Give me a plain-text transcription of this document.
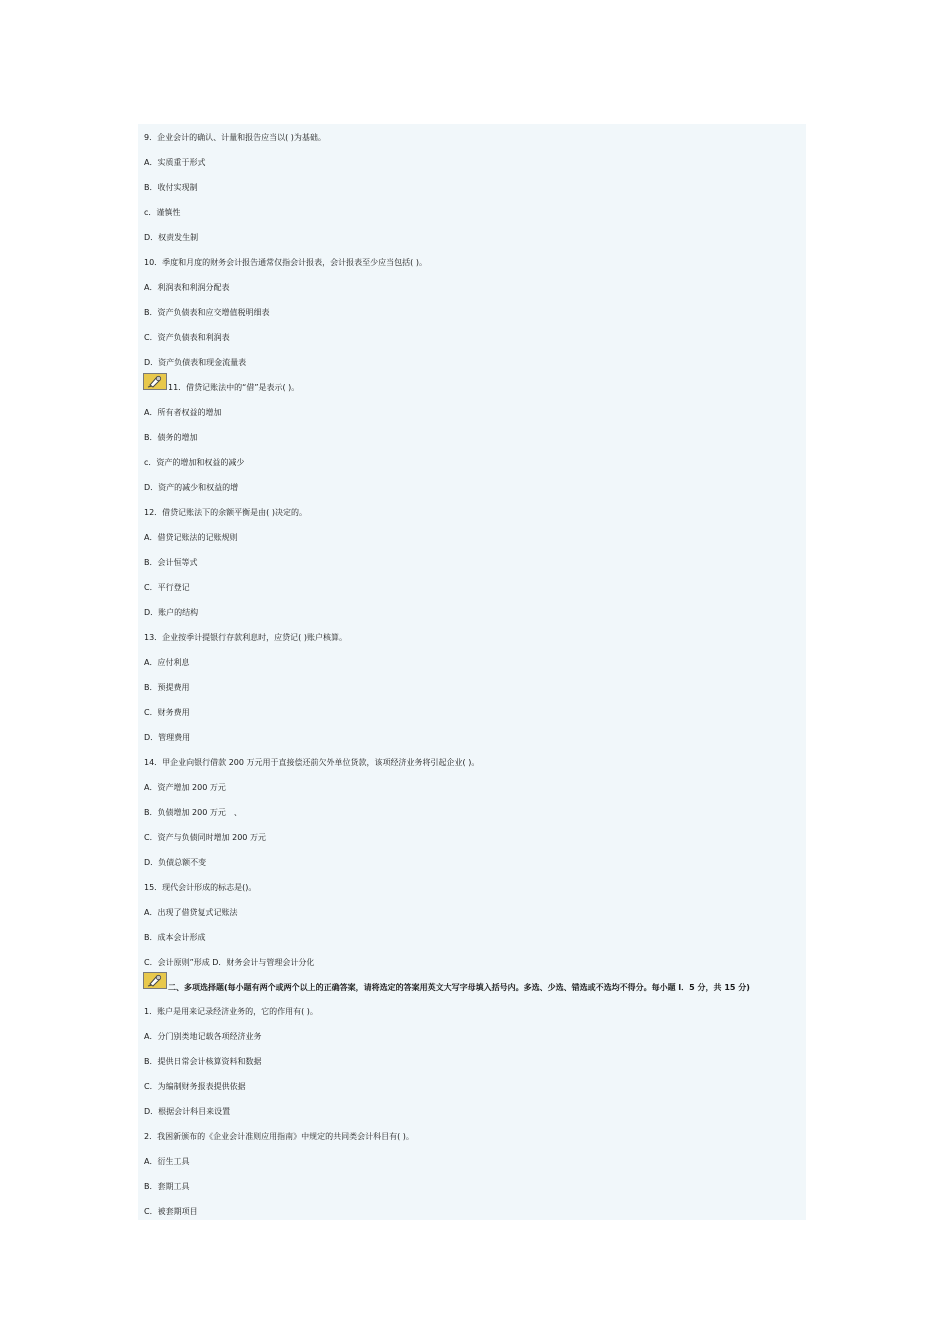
9．企业会计的确认、计量和报告应当以( )为基础。
A．实质重于形式
B．收付实现制
c．谨慎性
D．权责发生制
10．季度和月度的财务会计报告通常仅指会计报表，会计报表至少应当包括( )。
A．利润表和利润分配表
B．资产负债表和应交增值税明细表
C．资产负债表和利润表
D．资产负债表和现金流量表
11．借贷记账法中的“借”是表示( )。
A．所有者权益的增加
B．债务的增加
c．资产的增加和权益的减少
D．资产的减少和权益的增
12．借贷记账法下的余额平衡是由( )决定的。
A．借贷记账法的记账规则
B．会计恒等式
C．平行登记
D．账户的结构
13．企业按季计提银行存款利息时，应贷记( )账户核算。
A．应付利息
B．预提费用
C．财务费用
D．管理费用
14．甲企业向银行借款 200 万元用于直接偿还前欠外单位货款，该项经济业务将引起企业( )。
A．资产增加 200 万元
B．负债增加 200 万元　、
C．资产与负债同时增加 200 万元
D．负债总额不变
15．现代会计形成的标志是()。
A．出现了借贷复式记账法
B．成本会计形成
C．会计原则”形成 D．财务会计与管理会计分化
二、多项选择题(每小题有两个或两个以上的正确答案，请将选定的答案用英文大写字母填入括号内。多选、少选、错选或不选均不得分。每小题 l．5 分，共 15 分)
1．账户是用来记录经济业务的，它的作用有( )。
A．分门别类地记载各项经济业务
B．提供日常会计核算资料和数据
C．为编制财务报表提供依据
D．根据会计科目来设置
2．我困新颁布的《企业会计准则应用指南》中规定的共同类会计科目有( )。
A．衍生工具
B．套期工具
C．被套期项目
